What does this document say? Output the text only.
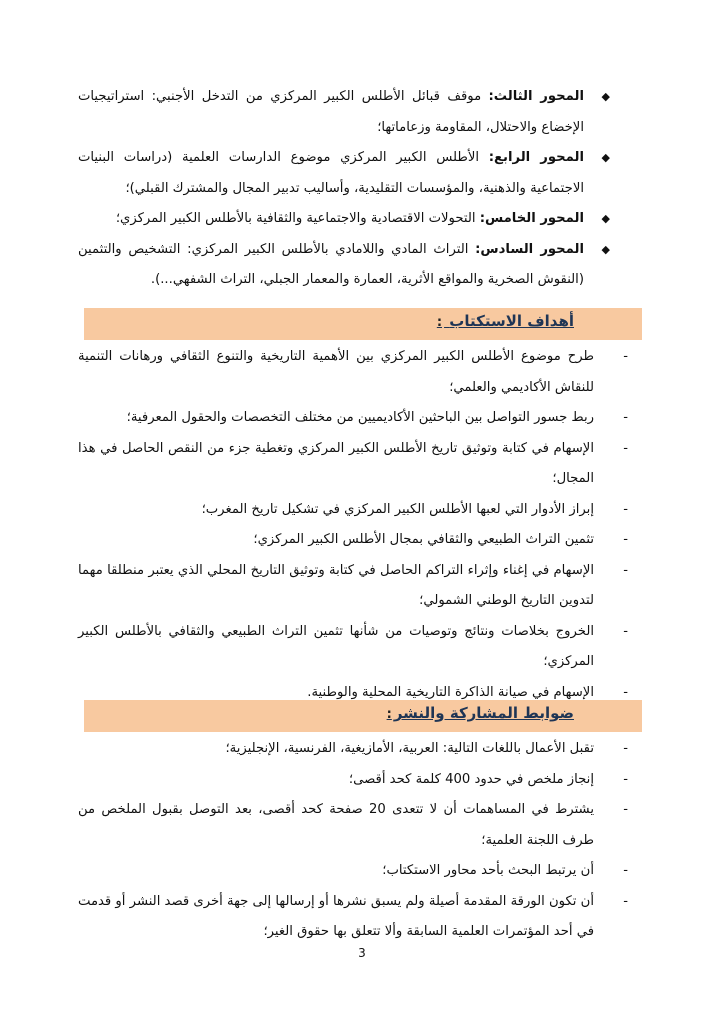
◆
المحور الثالث: موقف قبائل الأطلس الكبير المركزي من التدخل الأجنبي: استراتيجيات الإخضاع والاحتلال، المقاومة وزعاماتها؛
◆
المحور الرابع: الأطلس الكبير المركزي موضوع الدارسات العلمية (دراسات البنيات الاجتماعية والذهنية، والمؤسسات التقليدية، وأساليب تدبير المجال والمشترك القبلي)؛
◆
المحور الخامس: التحولات الاقتصادية والاجتماعية والثقافية بالأطلس الكبير المركزي؛
◆
المحور السادس: التراث المادي واللامادي بالأطلس الكبير المركزي: التشخيص والتثمين (النقوش الصخرية والمواقع الأثرية، العمارة والمعمار الجبلي، التراث الشفهي...).
أهداف الاستكتاب :
-
طرح موضوع الأطلس الكبير المركزي بين الأهمية التاريخية والتنوع الثقافي ورهانات التنمية للنقاش الأكاديمي والعلمي؛
-
ربط جسور التواصل بين الباحثين الأكاديميين من مختلف التخصصات والحقول المعرفية؛
-
الإسهام في كتابة وتوثيق تاريخ الأطلس الكبير المركزي وتغطية جزء من النقص الحاصل في هذا المجال؛
-
إبراز الأدوار التي لعبها الأطلس الكبير المركزي في تشكيل تاريخ المغرب؛
-
تثمين التراث الطبيعي والثقافي بمجال الأطلس الكبير المركزي؛
-
الإسهام في إغناء وإثراء التراكم الحاصل في كتابة وتوثيق التاريخ المحلي الذي يعتبر منطلقا مهما لتدوين التاريخ الوطني الشمولي؛
-
الخروج بخلاصات ونتائج وتوصيات من شأنها تثمين التراث الطبيعي والثقافي بالأطلس الكبير المركزي؛
-
الإسهام في صيانة الذاكرة التاريخية المحلية والوطنية.
ضوابط المشاركة والنشر:
-
تقبل الأعمال باللغات التالية: العربية، الأمازيغية، الفرنسية، الإنجليزية؛
-
إنجاز ملخص في حدود 400 كلمة كحد أقصى؛
-
يشترط في المساهمات أن لا تتعدى 20 صفحة كحد أقصى، بعد التوصل بقبول الملخص من طرف اللجنة العلمية؛
-
أن يرتبط البحث بأحد محاور الاستكتاب؛
-
أن تكون الورقة المقدمة أصيلة ولم يسبق نشرها أو إرسالها إلى جهة أخرى قصد النشر أو قدمت في أحد المؤتمرات العلمية السابقة وألا تتعلق بها حقوق الغير؛
3
